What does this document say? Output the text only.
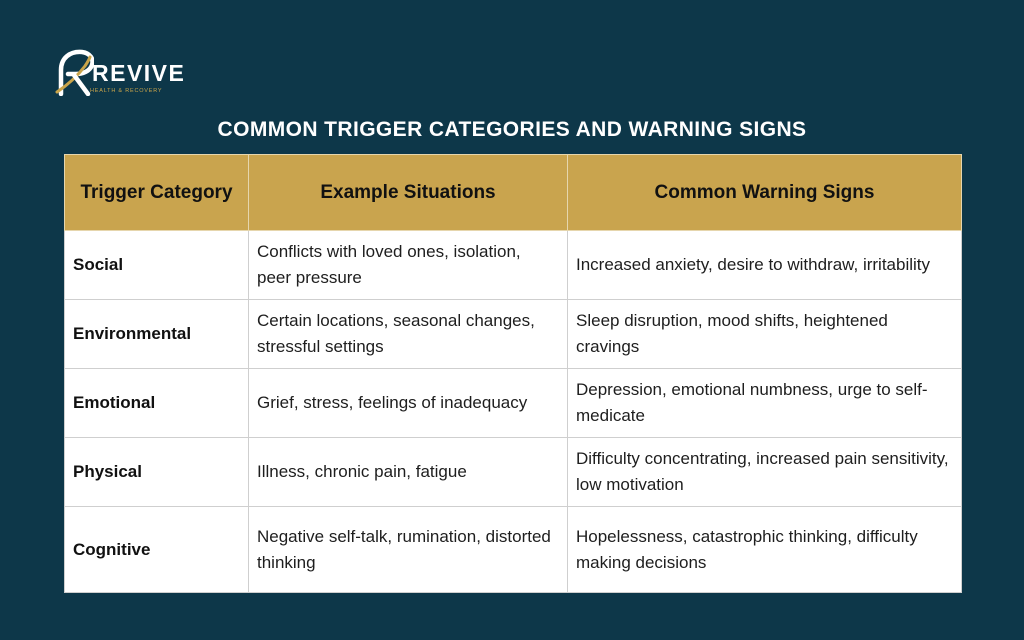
REVIVE
HEALTH & RECOVERY
COMMON TRIGGER CATEGORIES AND WARNING SIGNS
Trigger Category	Example Situations	Common Warning Signs
Social	Conflicts with loved ones, isolation, peer pressure	Increased anxiety, desire to withdraw, irritability
Environmental	Certain locations, seasonal changes, stressful settings	Sleep disruption, mood shifts, heightened cravings
Emotional	Grief, stress, feelings of inadequacy	Depression, emotional numbness, urge to self-medicate
Physical	Illness, chronic pain, fatigue	Difficulty concentrating, increased pain sensitivity, low motivation
Cognitive	Negative self-talk, rumination, distorted thinking	Hopelessness, catastrophic thinking, difficulty making decisions
